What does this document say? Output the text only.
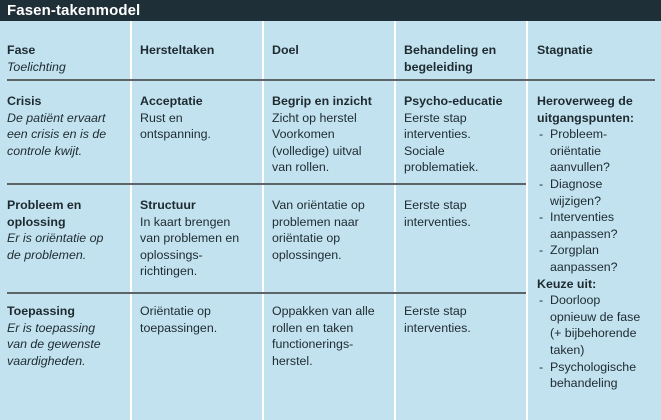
Fasen-takenmodel
Fase
Toelichting
Hersteltaken	Doel	Behandeling en
begeleiding
Stagnatie
Crisis
De patiënt ervaart
een crisis en is de
controle kwijt.
Acceptatie
Rust en
ontspanning.
Begrip en inzicht
Zicht op herstel
Voorkomen
(volledige) uitval
van rollen.
Psycho-educatie
Eerste stap
interventies.
Sociale
problematiek.
Probleem en
oplossing
Er is oriëntatie op
de problemen.
Structuur
In kaart brengen
van problemen en
oplossings-
richtingen.
Van oriëntatie op
problemen naar
oriëntatie op
oplossingen.
Eerste stap
interventies.
Toepassing
Er is toepassing
van de gewenste
vaardigheden.
Oriëntatie op
toepassingen.
Oppakken van alle
rollen en taken
functionerings-
herstel.
Eerste stap
interventies.
Heroverweeg de
uitgangspunten:
- Probleem-
oriëntatie
aanvullen?
- Diagnose
wijzigen?
- Interventies
aanpassen?
- Zorgplan
aanpassen?
Keuze uit:
- Doorloop
opnieuw de fase
(+ bijbehorende
taken)
- Psychologische
behandeling
